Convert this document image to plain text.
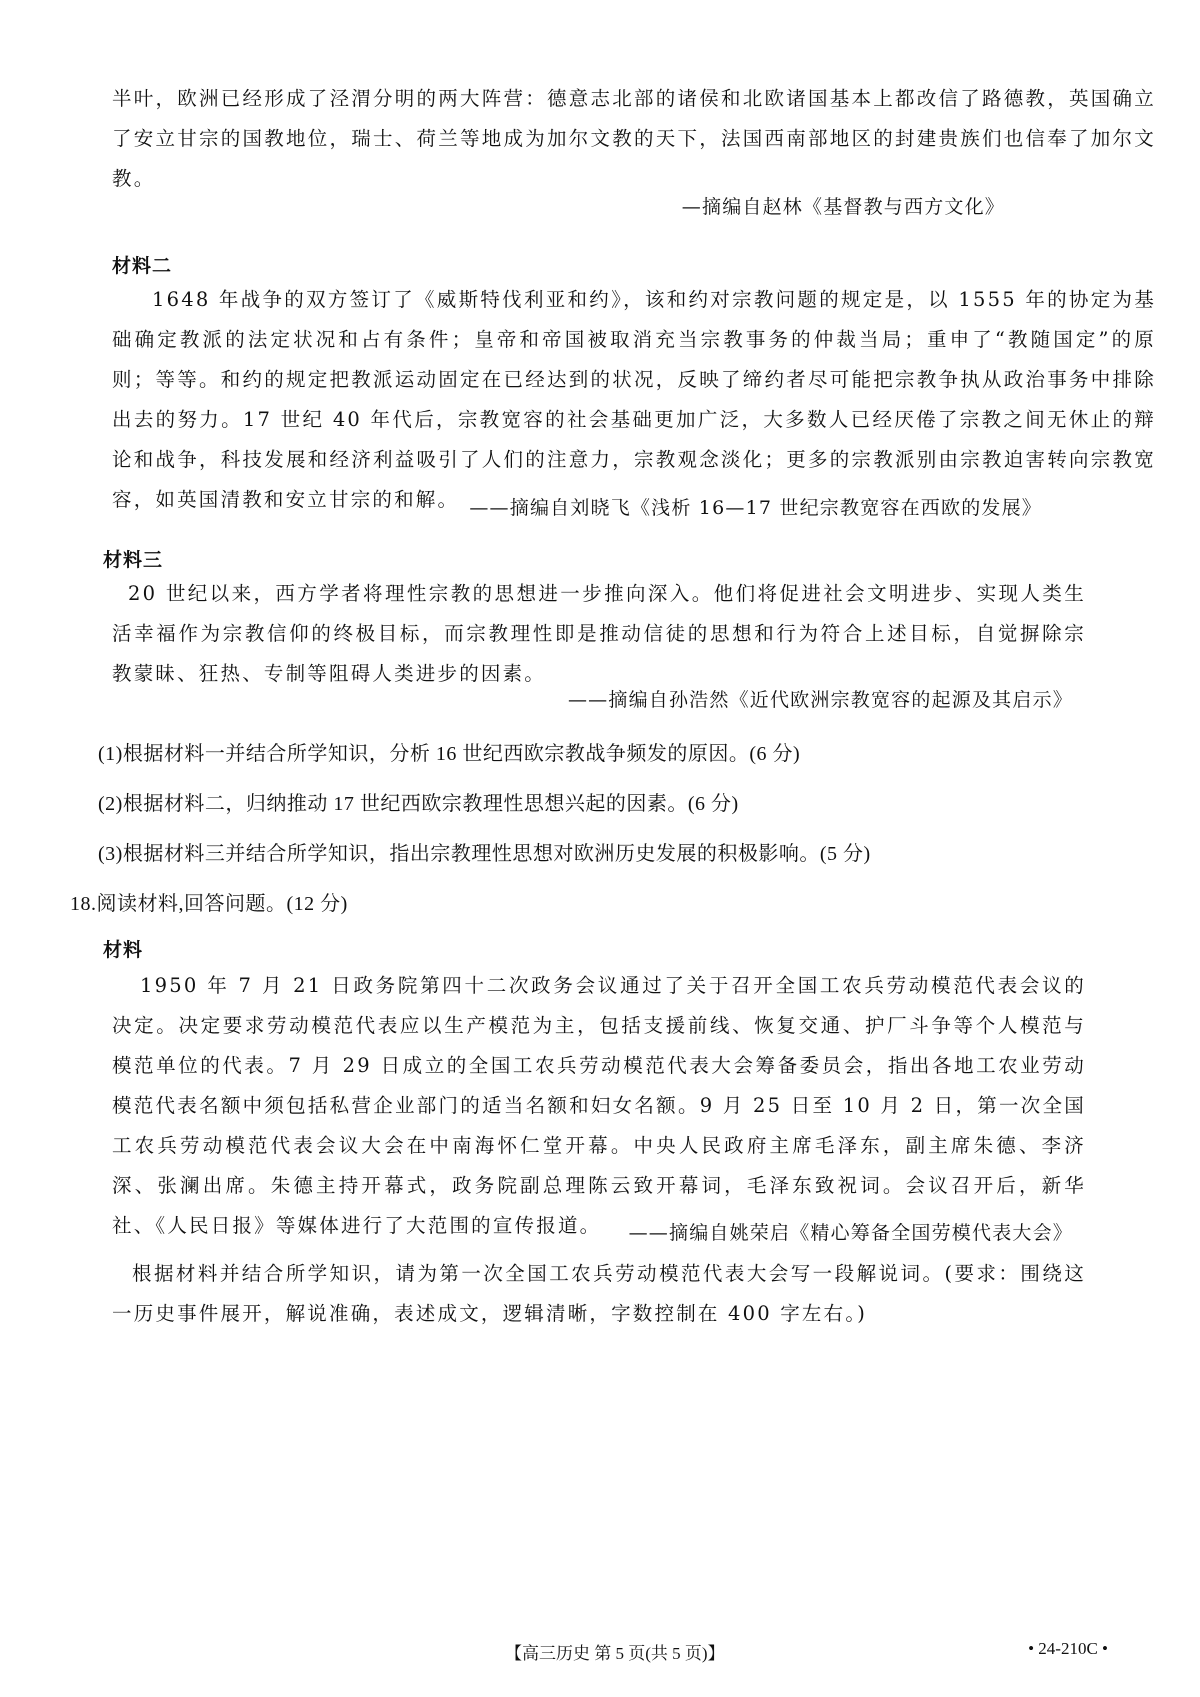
半叶，欧洲已经形成了泾渭分明的两大阵营：德意志北部的诸侯和北欧诸国基本上都改信了路德教，英国确立了安立甘宗的国教地位，瑞士、荷兰等地成为加尔文教的天下，法国西南部地区的封建贵族们也信奉了加尔文教。

—摘编自赵林《基督教与西方文化》

材料二

1648 年战争的双方签订了《威斯特伐利亚和约》，该和约对宗教问题的规定是，以 1555 年的协定为基础确定教派的法定状况和占有条件；皇帝和帝国被取消充当宗教事务的仲裁当局；重申了“教随国定”的原则；等等。和约的规定把教派运动固定在已经达到的状况，反映了缔约者尽可能把宗教争执从政治事务中排除出去的努力。17 世纪 40 年代后，宗教宽容的社会基础更加广泛，大多数人已经厌倦了宗教之间无休止的辩论和战争，科技发展和经济利益吸引了人们的注意力，宗教观念淡化；更多的宗教派别由宗教迫害转向宗教宽容，如英国清教和安立甘宗的和解。 ——摘编自刘晓飞《浅析 16—17 世纪宗教宽容在西欧的发展》

材料三

20 世纪以来，西方学者将理性宗教的思想进一步推向深入。他们将促进社会文明进步、实现人类生活幸福作为宗教信仰的终极目标，而宗教理性即是推动信徒的思想和行为符合上述目标，自觉摒除宗教蒙昧、狂热、专制等阻碍人类进步的因素。

——摘编自孙浩然《近代欧洲宗教宽容的起源及其启示》

(1)根据材料一并结合所学知识，分析 16 世纪西欧宗教战争频发的原因。(6 分)

(2)根据材料二，归纳推动 17 世纪西欧宗教理性思想兴起的因素。(6 分)

(3)根据材料三并结合所学知识，指出宗教理性思想对欧洲历史发展的积极影响。(5 分)

18.阅读材料,回答问题。(12 分)

材料

1950 年 7 月 21 日政务院第四十二次政务会议通过了关于召开全国工农兵劳动模范代表会议的决定。决定要求劳动模范代表应以生产模范为主，包括支援前线、恢复交通、护厂斗争等个人模范与模范单位的代表。7 月 29 日成立的全国工农兵劳动模范代表大会筹备委员会，指出各地工农业劳动模范代表名额中须包括私营企业部门的适当名额和妇女名额。9 月 25 日至 10 月 2 日，第一次全国工农兵劳动模范代表会议大会在中南海怀仁堂开幕。中央人民政府主席毛泽东，副主席朱德、李济深、张澜出席。朱德主持开幕式，政务院副总理陈云致开幕词，毛泽东致祝词。会议召开后，新华社、《人民日报》等媒体进行了大范围的宣传报道。	——摘编自姚荣启《精心筹备全国劳模代表大会》

根据材料并结合所学知识，请为第一次全国工农兵劳动模范代表大会写一段解说词。(要求：围绕这一历史事件展开，解说准确，表述成文，逻辑清晰，字数控制在 400 字左右。)

【高三历史 第 5 页(共 5 页)】	• 24-210C •
